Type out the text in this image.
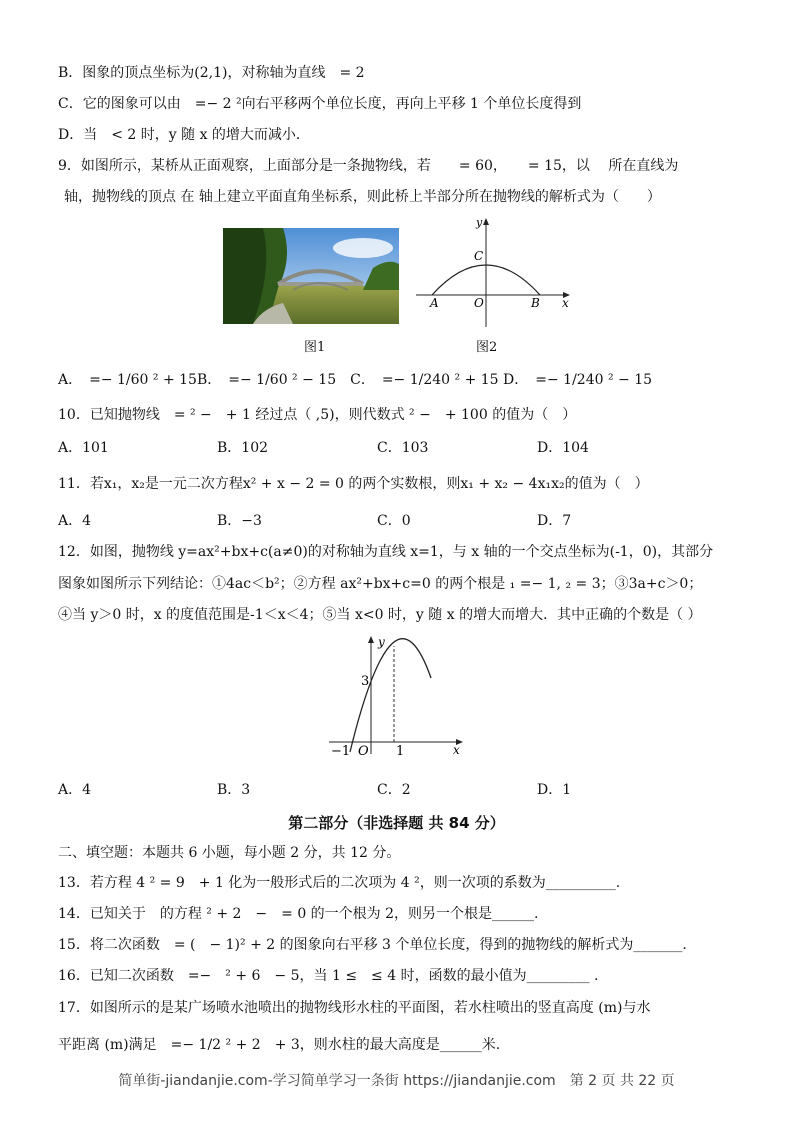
B．图象的顶点坐标为(2,1)，对称轴为直线　= 2
C．它的图象可以由　=− 2 ²向右平移两个单位长度，再向上平移 1 个单位长度得到
D．当　< 2 时，y 随 x 的增大而减小．
9．如图所示，某桥从正面观察，上面部分是一条抛物线，若　　= 60，　　= 15，以　 所在直线为
轴，抛物线的顶点 在 轴上建立平面直角坐标系，则此桥上半部分所在抛物线的解析式为（　　）
图1
y
C
O
A	B x
图2
A．　=− 1/60 ² + 15B．　=− 1/60 ² − 15　C．　=− 1/240 ² + 15 D．　=− 1/240 ² − 15
10．已知抛物线　= ² −　+ 1 经过点（ ,5)，则代数式 ² −　+ 100 的值为（　）
A．101	B．102	C．103	D．104
11．若x₁，x₂是一元二次方程x² + x − 2 = 0 的两个实数根，则x₁ + x₂ − 4x₁x₂的值为（　）
A．4	B．−3	C．0	D．7
12．如图，抛物线 y=ax²+bx+c(a≠0)的对称轴为直线 x=1，与 x 轴的一个交点坐标为(-1，0)，其部分
图象如图所示下列结论：①4ac＜b²；②方程 ax²+bx+c=0 的两个根是 ₁ =− 1, ₂ = 3；③3a+c＞0；
④当 y＞0 时，x 的度值范围是-1＜x＜4；⑤当 x<0 时，y 随 x 的增大而增大．其中正确的个数是（ ）
y
3
−1 O 1	x
A．4	B．3	C．2	D．1
第二部分（非选择题 共 84 分）
二、填空题：本题共 6 小题，每小题 2 分，共 12 分。
13．若方程 4 ² = 9　+ 1 化为一般形式后的二次项为 4 ²，则一次项的系数为__________.
14．已知关于　的方程 ² + 2　−　= 0 的一个根为 2，则另一个根是______.
15．将二次函数　= (　− 1)² + 2 的图象向右平移 3 个单位长度，得到的抛物线的解析式为_______.
16．已知二次函数　=−　² + 6　− 5，当 1 ≤　≤ 4 时，函数的最小值为_________ .
17．如图所示的是某广场喷水池喷出的抛物线形水柱的平面图，若水柱喷出的竖直高度 (m)与水
平距离 (m)满足　=− 1/2 ² + 2　+ 3，则水柱的最大高度是______米.
简单街-jiandanjie.com-学习简单学习一条街 https://jiandanjie.com　第 2 页 共 22 页
